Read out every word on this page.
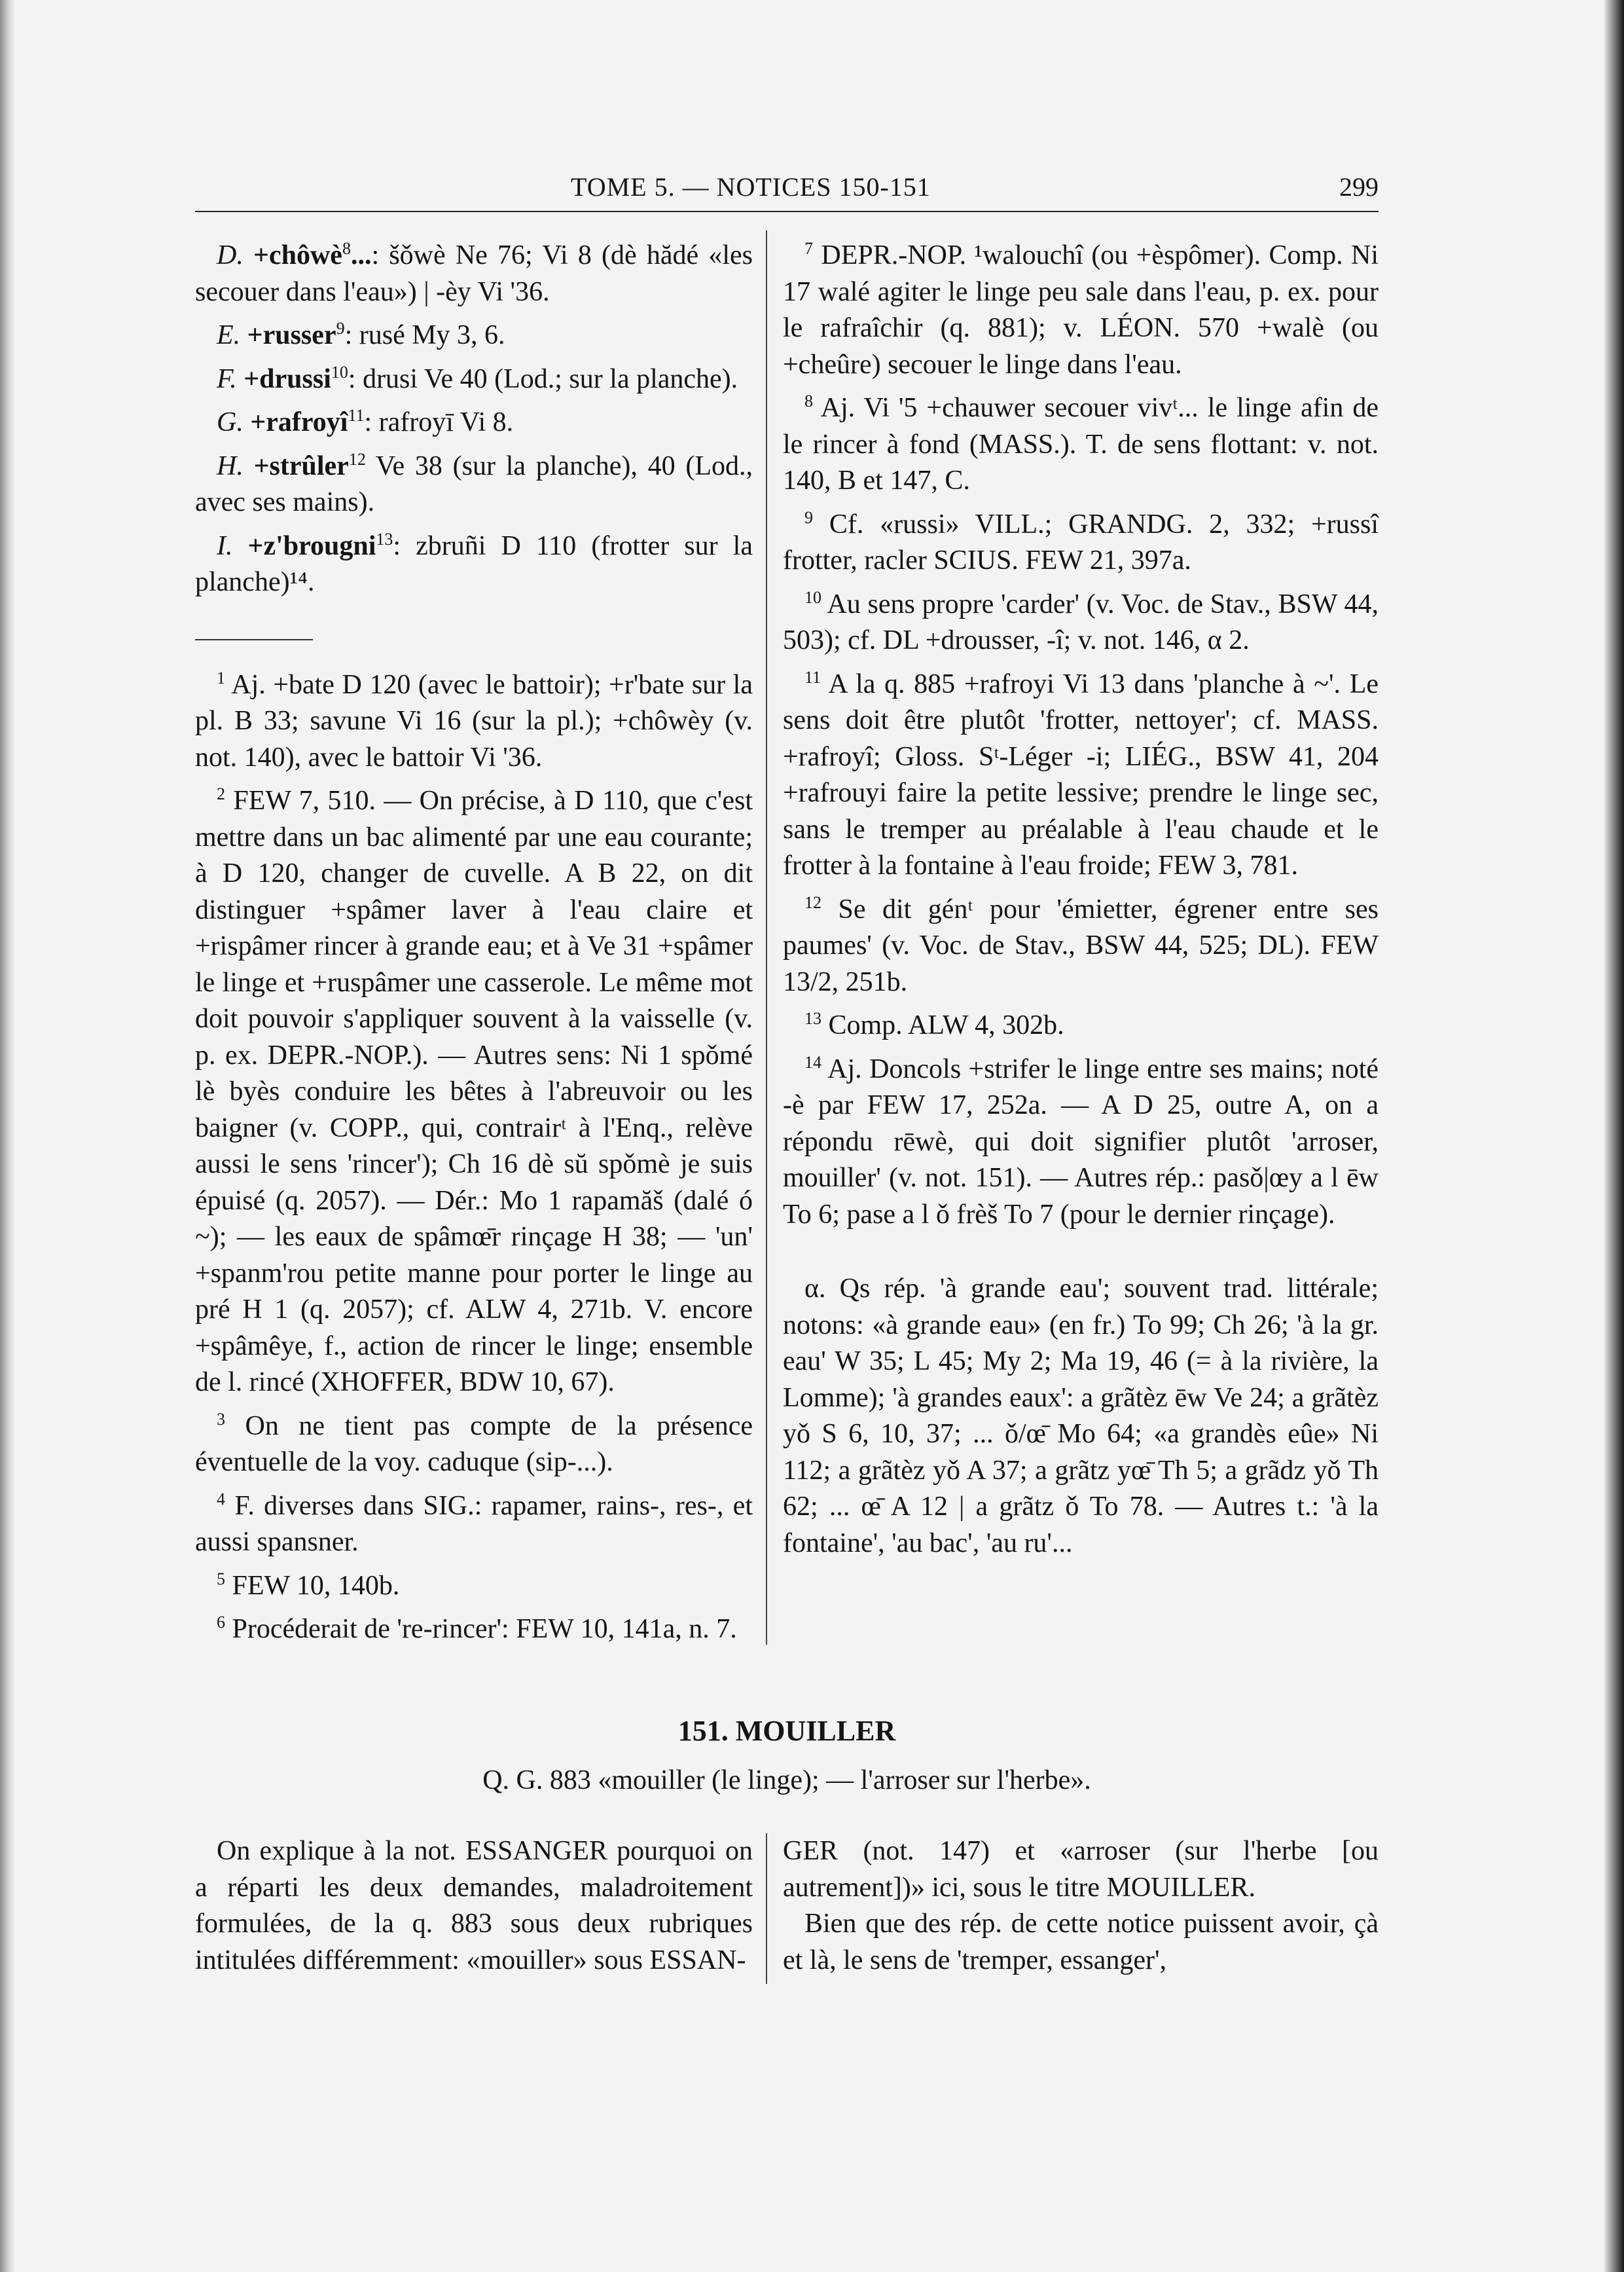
TOME 5. — NOTICES 150-151	299

D. +chôwè$^8$...: šǒwè Ne 76; Vi 8 (dè hădé «les secouer dans l'eau») | -èy Vi '36.

E. +russer$^9$: rusé My 3, 6.

F. +drussi$^{10}$: drusi Ve 40 (Lod.; sur la planche).

G. +rafroyî$^{11}$: rafroyī Vi 8.

H. +strûler$^{12}$ Ve 38 (sur la planche), 40 (Lod., avec ses mains).

I. +z'brougni$^{13}$: zbruñi D 110 (frotter sur la planche)¹⁴.

$^1$ Aj. +bate D 120 (avec le battoir); +r'bate sur la pl. B 33; savune Vi 16 (sur la pl.); +chôwèy (v. not. 140), avec le battoir Vi '36.

$^2$ FEW 7, 510. — On précise, à D 110, que c'est mettre dans un bac alimenté par une eau courante; à D 120, changer de cuvelle. A B 22, on dit distinguer +spâmer laver à l'eau claire et +rispâmer rincer à grande eau; et à Ve 31 +spâmer le linge et +ruspâmer une casserole. Le même mot doit pouvoir s'appliquer souvent à la vaisselle (v. p. ex. DEPR.-NOP.). — Autres sens: Ni 1 spǒmé lè byès conduire les bêtes à l'abreuvoir ou les baigner (v. COPP., qui, contrairᵗ à l'Enq., relève aussi le sens 'rincer'); Ch 16 dè sŭ spǒmè je suis épuisé (q. 2057). — Dér.: Mo 1 rapamăš (dalé ó ~); — les eaux de spâmœ̄r rinçage H 38; — 'un' +spanm'rou petite manne pour porter le linge au pré H 1 (q. 2057); cf. ALW 4, 271b. V. encore +spâmêye, f., action de rincer le linge; ensemble de l. rincé (XHOFFER, BDW 10, 67).

$^3$ On ne tient pas compte de la présence éventuelle de la voy. caduque (sip-...).

$^4$ F. diverses dans SIG.: rapamer, rains-, res-, et aussi spansner.

$^5$ FEW 10, 140b.

$^6$ Procéderait de 're-rincer': FEW 10, 141a, n. 7.

$^7$ DEPR.-NOP. ¹walouchî (ou +èspômer). Comp. Ni 17 walé agiter le linge peu sale dans l'eau, p. ex. pour le rafraîchir (q. 881); v. LÉON. 570 +walè (ou +cheûre) secouer le linge dans l'eau.

$^8$ Aj. Vi '5 +chauwer secouer vivᵗ... le linge afin de le rincer à fond (MASS.). T. de sens flottant: v. not. 140, B et 147, C.

$^9$ Cf. «russi» VILL.; GRANDG. 2, 332; +russî frotter, racler SCIUS. FEW 21, 397a.

$^{10}$ Au sens propre 'carder' (v. Voc. de Stav., BSW 44, 503); cf. DL +drousser, -î; v. not. 146, α 2.

$^{11}$ A la q. 885 +rafroyi Vi 13 dans 'planche à ~'. Le sens doit être plutôt 'frotter, nettoyer'; cf. MASS. +rafroyî; Gloss. Sᵗ-Léger -i; LIÉG., BSW 41, 204 +rafrouyi faire la petite lessive; prendre le linge sec, sans le tremper au préalable à l'eau chaude et le frotter à la fontaine à l'eau froide; FEW 3, 781.

$^{12}$ Se dit génᵗ pour 'émietter, égrener entre ses paumes' (v. Voc. de Stav., BSW 44, 525; DL). FEW 13/2, 251b.

$^{13}$ Comp. ALW 4, 302b.

$^{14}$ Aj. Doncols +strifer le linge entre ses mains; noté -è par FEW 17, 252a. — A D 25, outre A, on a répondu rēwè, qui doit signifier plutôt 'arroser, mouiller' (v. not. 151). — Autres rép.: pasǒ|œy a l ēw To 6; pase a l ǒ frèš To 7 (pour le dernier rinçage).

α. Qs rép. 'à grande eau'; souvent trad. littérale; notons: «à grande eau» (en fr.) To 99; Ch 26; 'à la gr. eau' W 35; L 45; My 2; Ma 19, 46 (= à la rivière, la Lomme); 'à grandes eaux': a grãtèz ēw Ve 24; a grãtèz yǒ S 6, 10, 37; ... ǒ/œ̄ Mo 64; «a grandès eûe» Ni 112; a grãtèz yǒ A 37; a grãtz yœ̄ Th 5; a grãdz yǒ Th 62; ... œ̄ A 12 | a grãtz ǒ To 78. — Autres t.: 'à la fontaine', 'au bac', 'au ru'...

151. MOUILLER
Q. G. 883 «mouiller (le linge); — l'arroser sur l'herbe».

On explique à la not. ESSANGER pourquoi on a réparti les deux demandes, maladroitement formulées, de la q. 883 sous deux rubriques intitulées différemment: «mouiller» sous ESSAN-

GER (not. 147) et «arroser (sur l'herbe [ou autrement])» ici, sous le titre MOUILLER.

Bien que des rép. de cette notice puissent avoir, çà et là, le sens de 'tremper, essanger',
